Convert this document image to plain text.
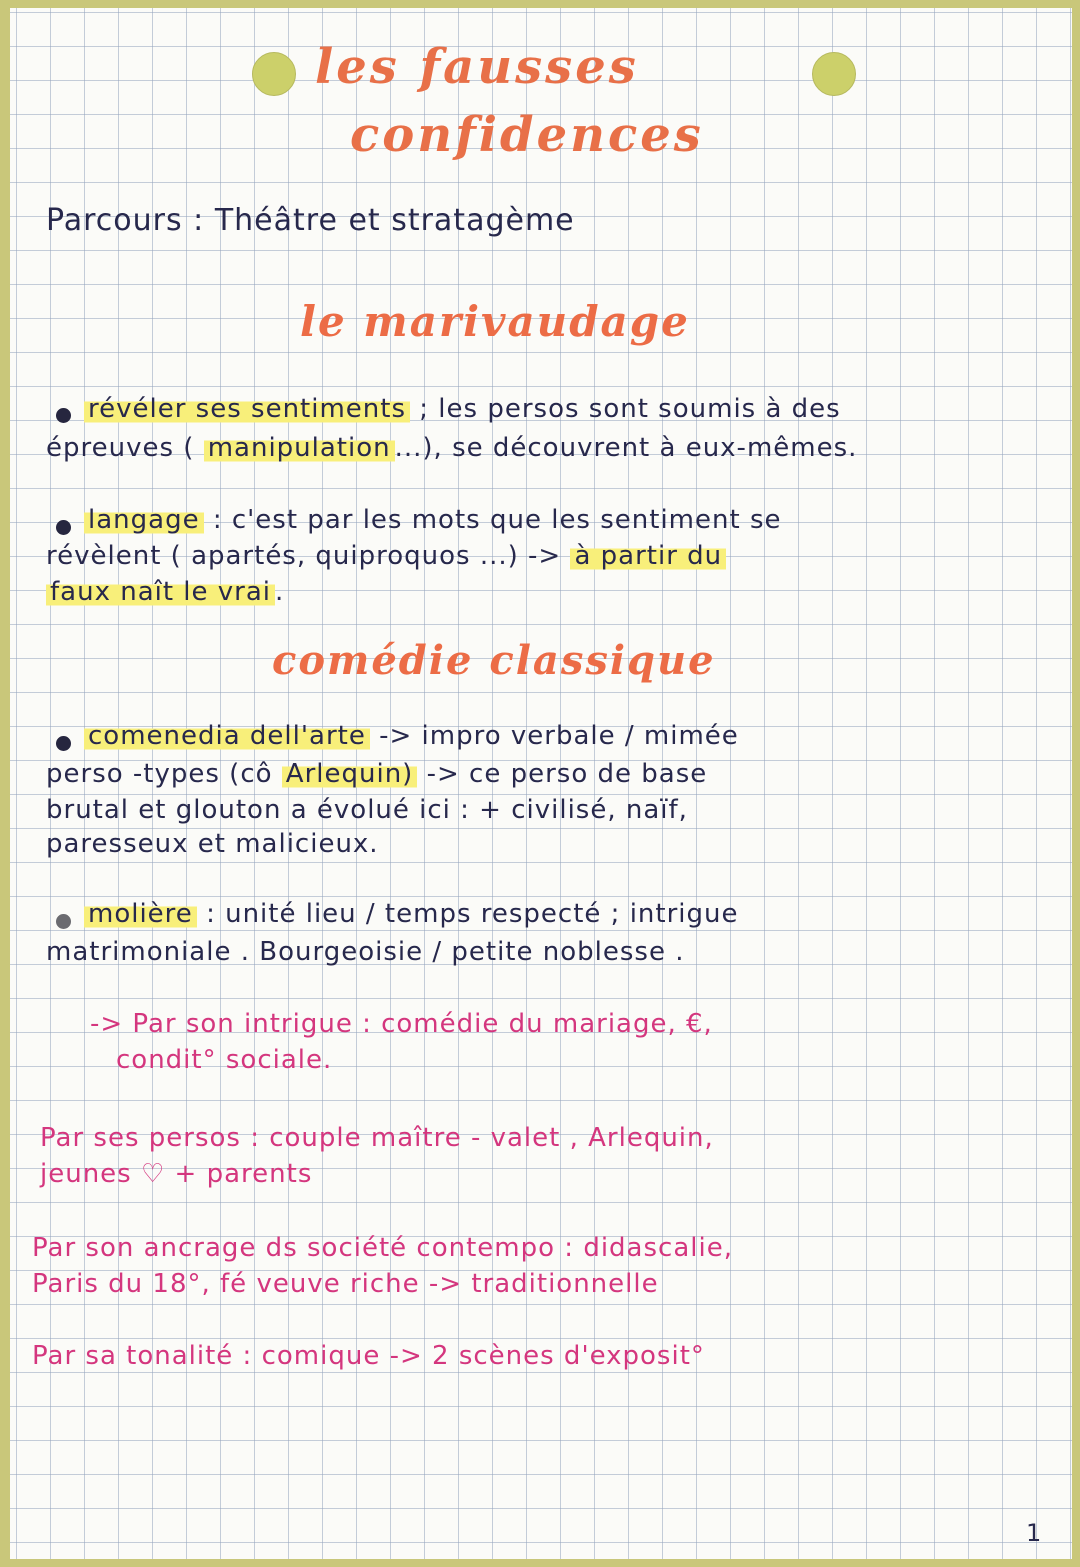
les fausses
confidences
Parcours : Théâtre et stratagème
le marivaudage
révéler ses sentiments ; les persos sont soumis à des
épreuves ( manipulation ...), se découvrent à eux-mêmes.
langage : c'est par les mots que les sentiment se
révèlent ( apartés, quiproquos ...) -> à partir du
faux naît le vrai .
comédie classique
comenedia dell'arte -> impro verbale / mimée
perso -types (cô Arlequin) -> ce perso de base
brutal et glouton a évolué ici : + civilisé, naïf,
paresseux et malicieux.
molière : unité lieu / temps respecté ; intrigue
matrimoniale . Bourgeoisie / petite noblesse .
-> Par son intrigue : comédie du mariage, €,
condit° sociale.
Par ses persos : couple maître - valet , Arlequin,
jeunes ♡ + parents
Par son ancrage ds société contempo : didascalie,
Paris du 18°, fé veuve riche -> traditionnelle
Par sa tonalité : comique -> 2 scènes d'exposit°
1
